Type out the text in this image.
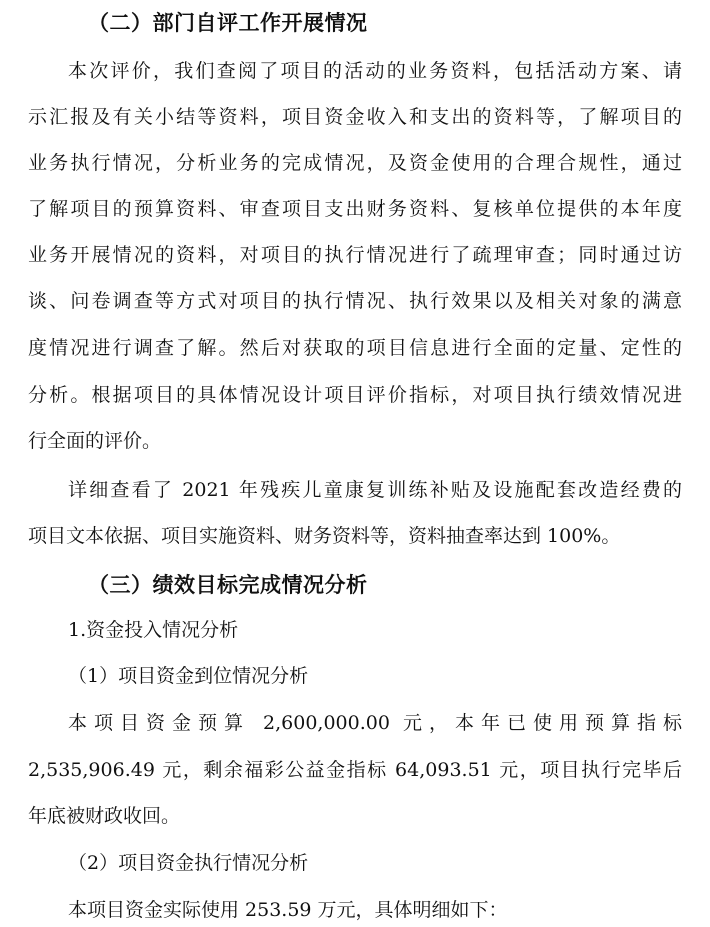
（二）部门自评工作开展情况
本次评价，我们查阅了项目的活动的业务资料，包括活动方案、请
示汇报及有关小结等资料，项目资金收入和支出的资料等，了解项目的
业务执行情况，分析业务的完成情况，及资金使用的合理合规性，通过
了解项目的预算资料、审查项目支出财务资料、复核单位提供的本年度
业务开展情况的资料，对项目的执行情况进行了疏理审查；同时通过访
谈、问卷调查等方式对项目的执行情况、执行效果以及相关对象的满意
度情况进行调查了解。然后对获取的项目信息进行全面的定量、定性的
分析。根据项目的具体情况设计项目评价指标，对项目执行绩效情况进
行全面的评价。
详细查看了 2021 年残疾儿童康复训练补贴及设施配套改造经费的
项目文本依据、项目实施资料、财务资料等，资料抽查率达到 100%。
（三）绩效目标完成情况分析
1.资金投入情况分析
（1）项目资金到位情况分析
本项目资金预算 2,600,000.00 元，本年已使用预算指标
2,535,906.49 元，剩余福彩公益金指标 64,093.51 元，项目执行完毕后
年底被财政收回。
（2）项目资金执行情况分析
本项目资金实际使用 253.59 万元，具体明细如下：
